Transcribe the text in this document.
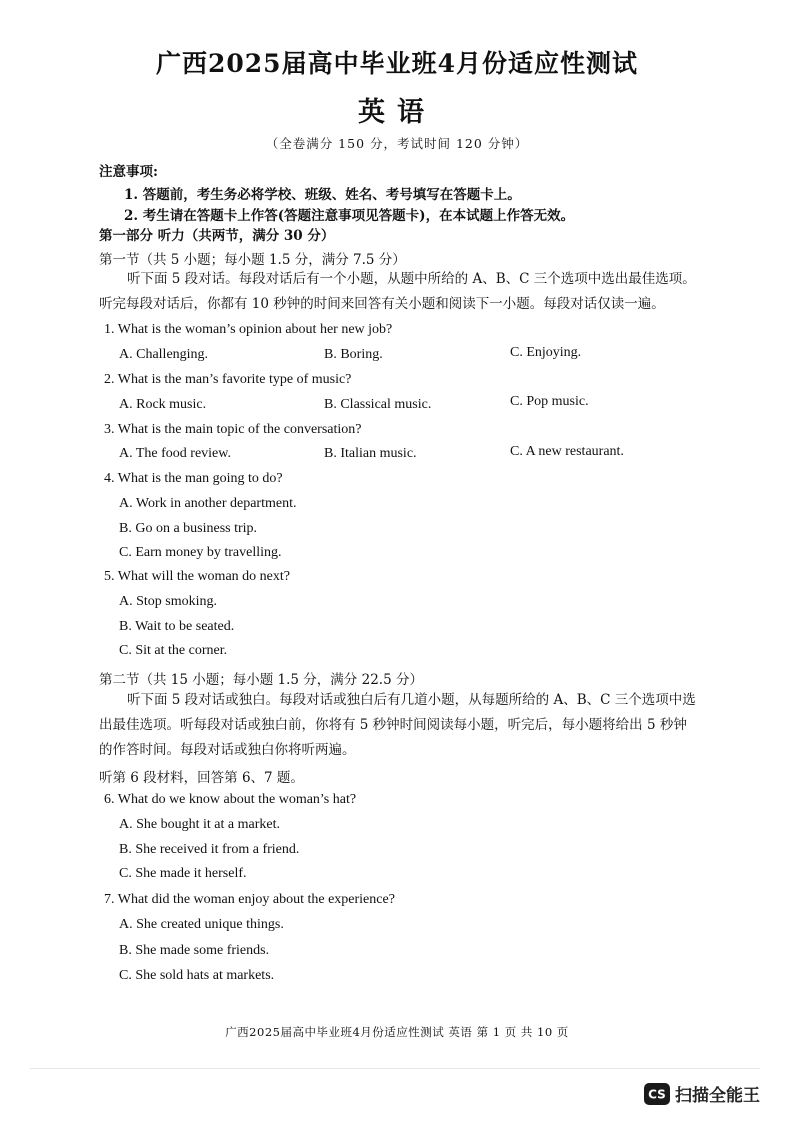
广西2025届高中毕业班4月份适应性测试
英语
（全卷满分 150 分，考试时间 120 分钟）
注意事项:
1. 答题前，考生务必将学校、班级、姓名、考号填写在答题卡上。
2. 考生请在答题卡上作答(答题注意事项见答题卡)，在本试题上作答无效。
第一部分 听力（共两节，满分 30 分）
第一节（共 5 小题；每小题 1.5 分，满分 7.5 分）
听下面 5 段对话。每段对话后有一个小题，从题中所给的 A、B、C 三个选项中选出最佳选项。听完每段对话后，你都有 10 秒钟的时间来回答有关小题和阅读下一小题。每段对话仅读一遍。
1. What is the woman’s opinion about her new job?
A. Challenging.	B. Boring.	C. Enjoying.
2. What is the man’s favorite type of music?
A. Rock music.	B. Classical music.	C. Pop music.
3. What is the main topic of the conversation?
A. The food review.	B. Italian music.	C. A new restaurant.
4. What is the man going to do?
A. Work in another department.
B. Go on a business trip.
C. Earn money by travelling.
5. What will the woman do next?
A. Stop smoking.
B. Wait to be seated.
C. Sit at the corner.
第二节（共 15 小题；每小题 1.5 分，满分 22.5 分）
听下面 5 段对话或独白。每段对话或独白后有几道小题，从每题所给的 A、B、C 三个选项中选出最佳选项。听每段对话或独白前，你将有 5 秒钟时间阅读每小题，听完后，每小题将给出 5 秒钟的作答时间。每段对话或独白你将听两遍。
听第 6 段材料，回答第 6、7 题。
6. What do we know about the woman’s hat?
A. She bought it at a market.
B. She received it from a friend.
C. She made it herself.
7. What did the woman enjoy about the experience?
A. She created unique things.
B. She made some friends.
C. She sold hats at markets.
广西2025届高中毕业班4月份适应性测试 英语 第 1 页 共 10 页
CS 扫描全能王
